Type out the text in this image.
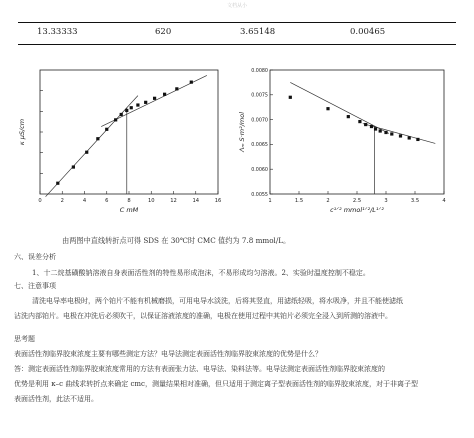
文档从小
13.33333	620	3.65148	0.00465
0	2	4	6	8	10	12	14	16
C mM
κ μS/cm
1	1.5	2	2.5	3	3.5	4
0.0055
0.0060
0.0065
0.0070
0.0075
0.0080
c¹ᐟ² mmol¹ᐟ²/L¹ᐟ²
Λₘ S·m²/mol
由两图中直线转折点可得 SDS 在 30℃时 CMC 值约为 7.8 mmol/L。
六、误差分析
1、十二烷基磺酸钠溶液自身表面活性剂的特性易形成泡沫，不易形成均匀溶液。2、实验时温度控制不稳定。
七、注意事项
清洗电导率电极时，两个铂片不能有机械磨损，可用电导水淡洗，后将其竖直，用滤纸轻吸，将水吸净，并且不能使滤纸
沾洗内部铂片。电极在冲洗后必须吹干，以保证溶液浓度的准确，电极在使用过程中其铂片必须完全浸入到所测的溶液中。
思考题
表面活性剂临界胶束浓度主要有哪些测定方法？电导法测定表面活性剂临界胶束浓度的优势是什么？
答：测定表面活性剂临界胶束浓度常用的方法有表面张力法、电导法、染料法等。电导法测定表面活性剂临界胶束浓度的
优势是利用 κ–c 曲线求转折点来确定 cmc，测量结果相对准确，但只适用于测定离子型表面活性剂的临界胶束浓度，对于非离子型
表面活性剂，此法不适用。
